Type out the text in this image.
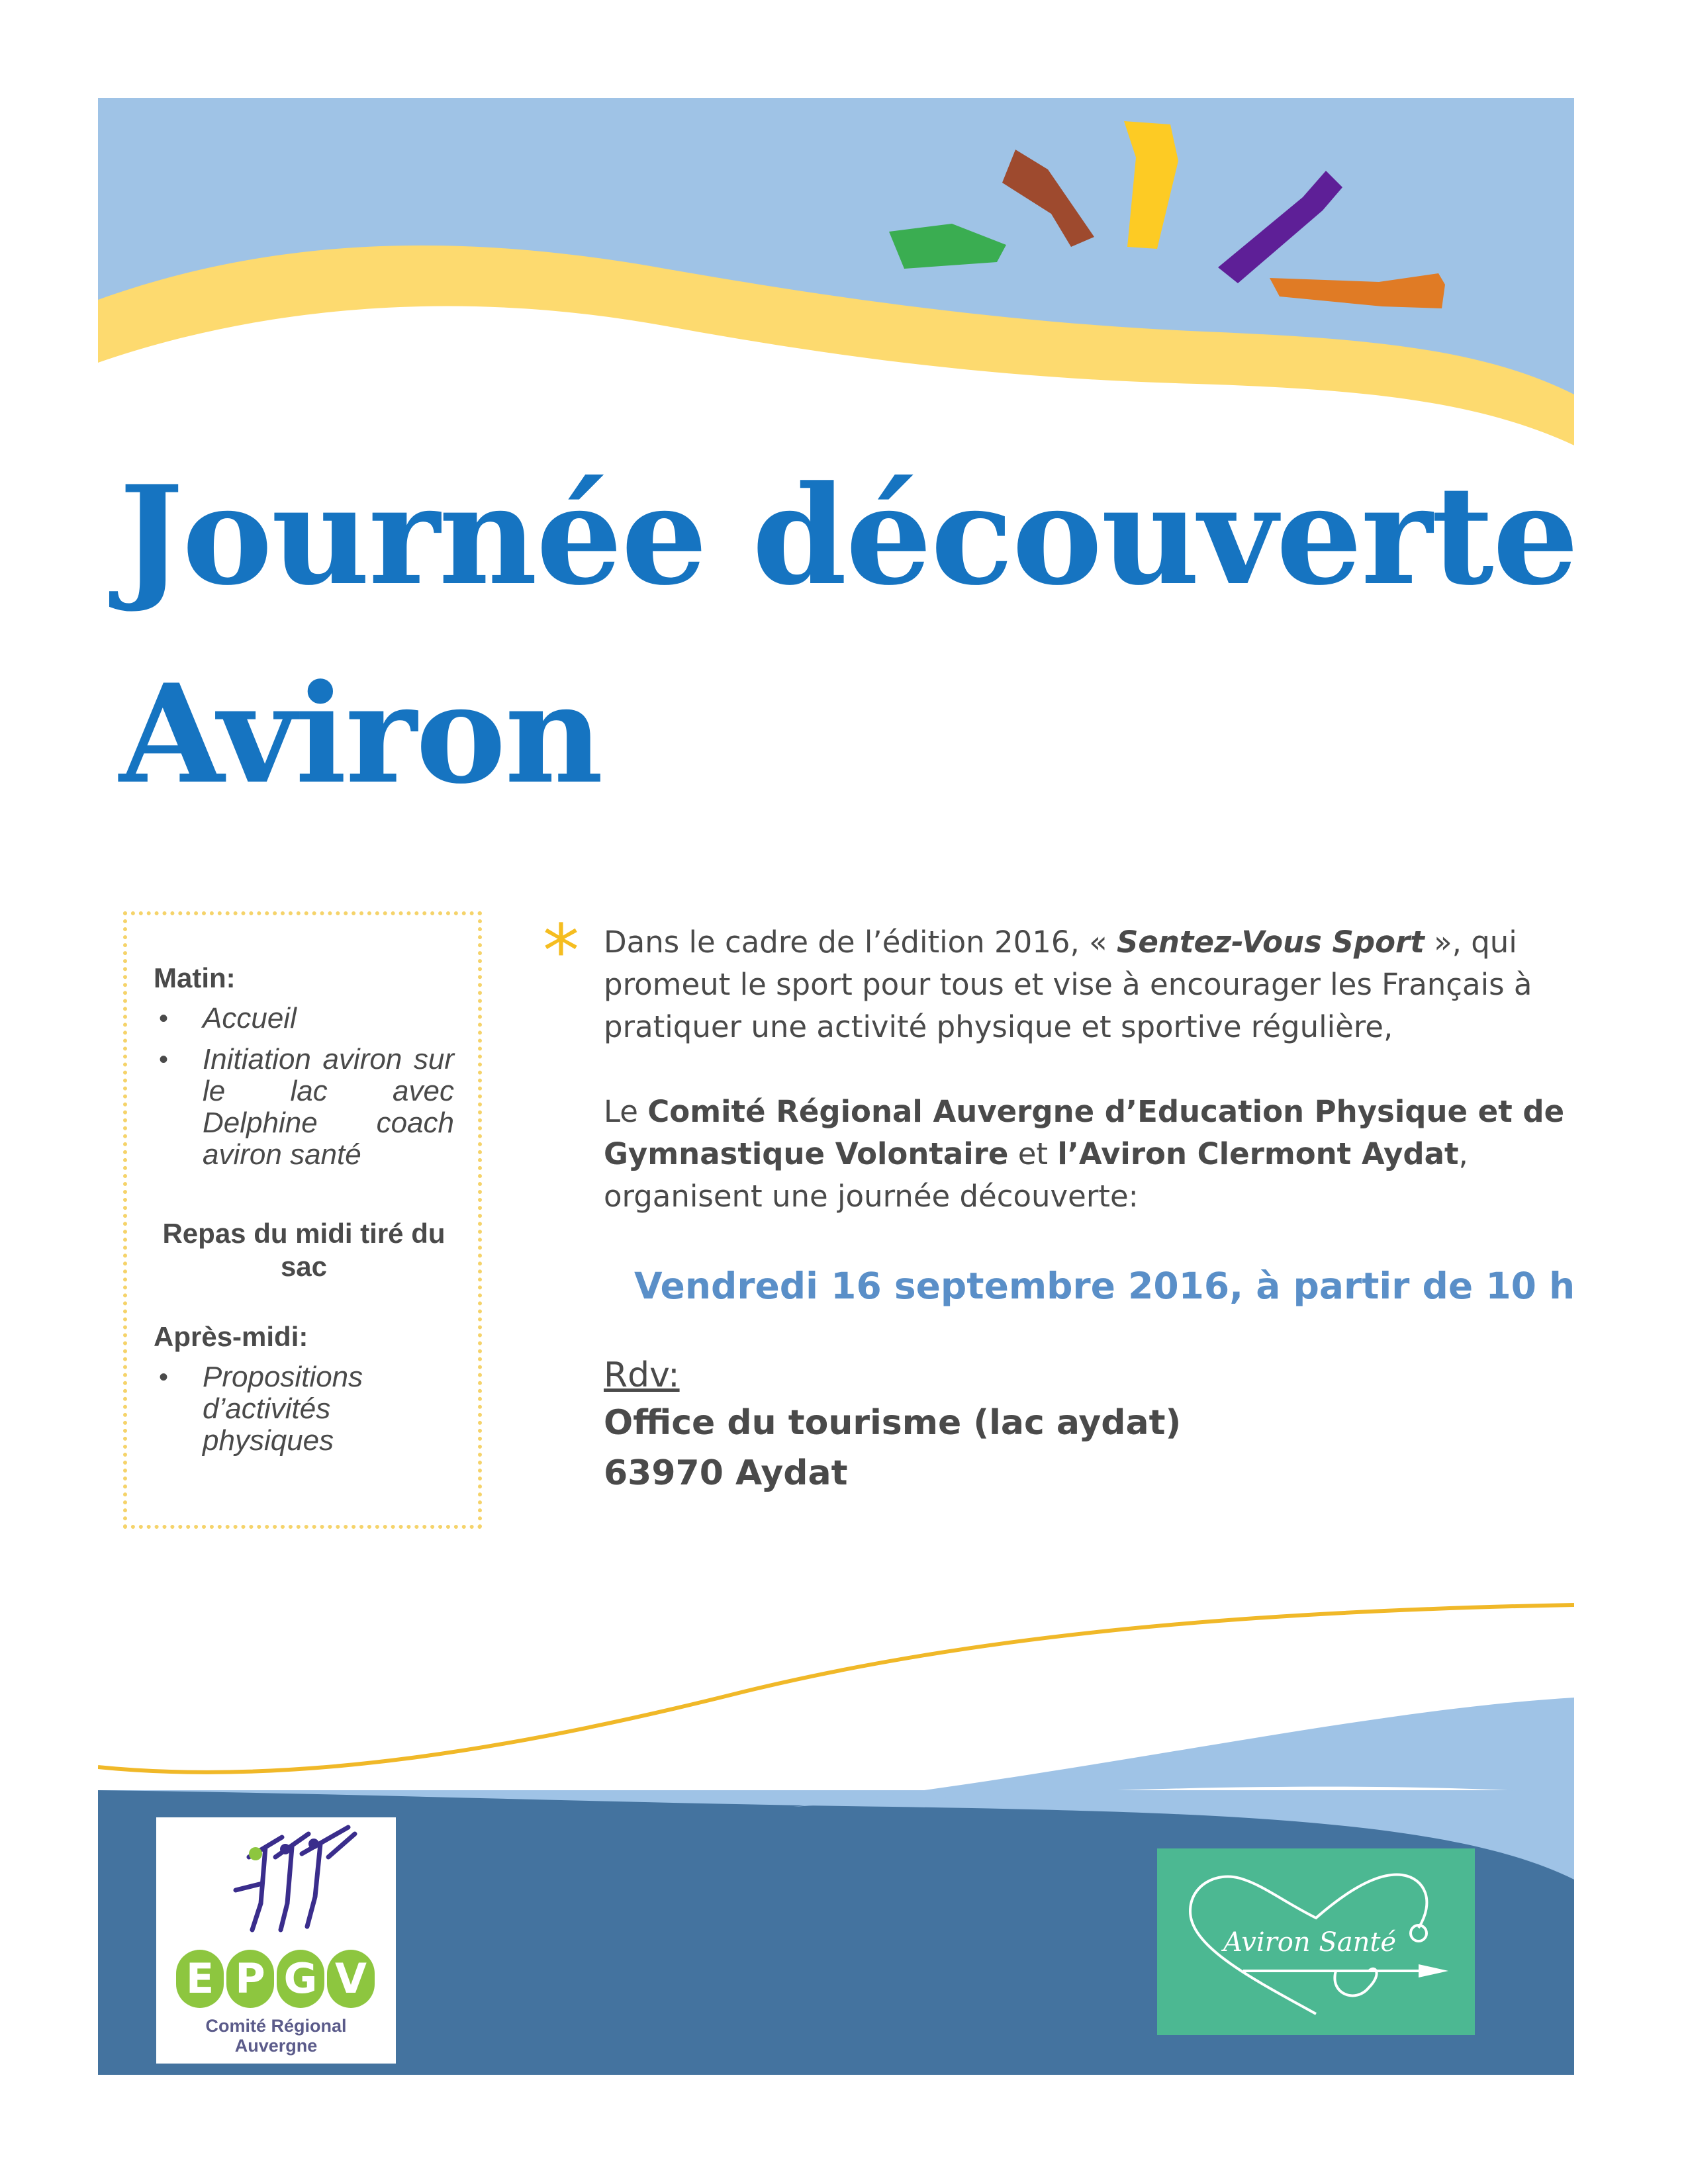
Journée découverte
Aviron

Matin:

• Accueil
• Initiation aviron sur le lac avec Delphine coach aviron santé

Repas du midi tiré du sac

Après-midi:

• Propositions d’activités physiques
* Dans le cadre de l’édition 2016, « Sentez-Vous Sport », qui promeut le sport pour tous et vise à encourager les Français à pratiquer une activité physique et sportive régulière,

Le Comité Régional Auvergne d’Education Physique et de Gymnastique Volontaire et l’Aviron Clermont Aydat, organisent une journée découverte:

Vendredi 16 septembre 2016, à partir de 10 h

Rdv:

Office du tourisme (lac aydat)

63970 Aydat

E P G V
Comité Régional
Auvergne
Aviron Santé
